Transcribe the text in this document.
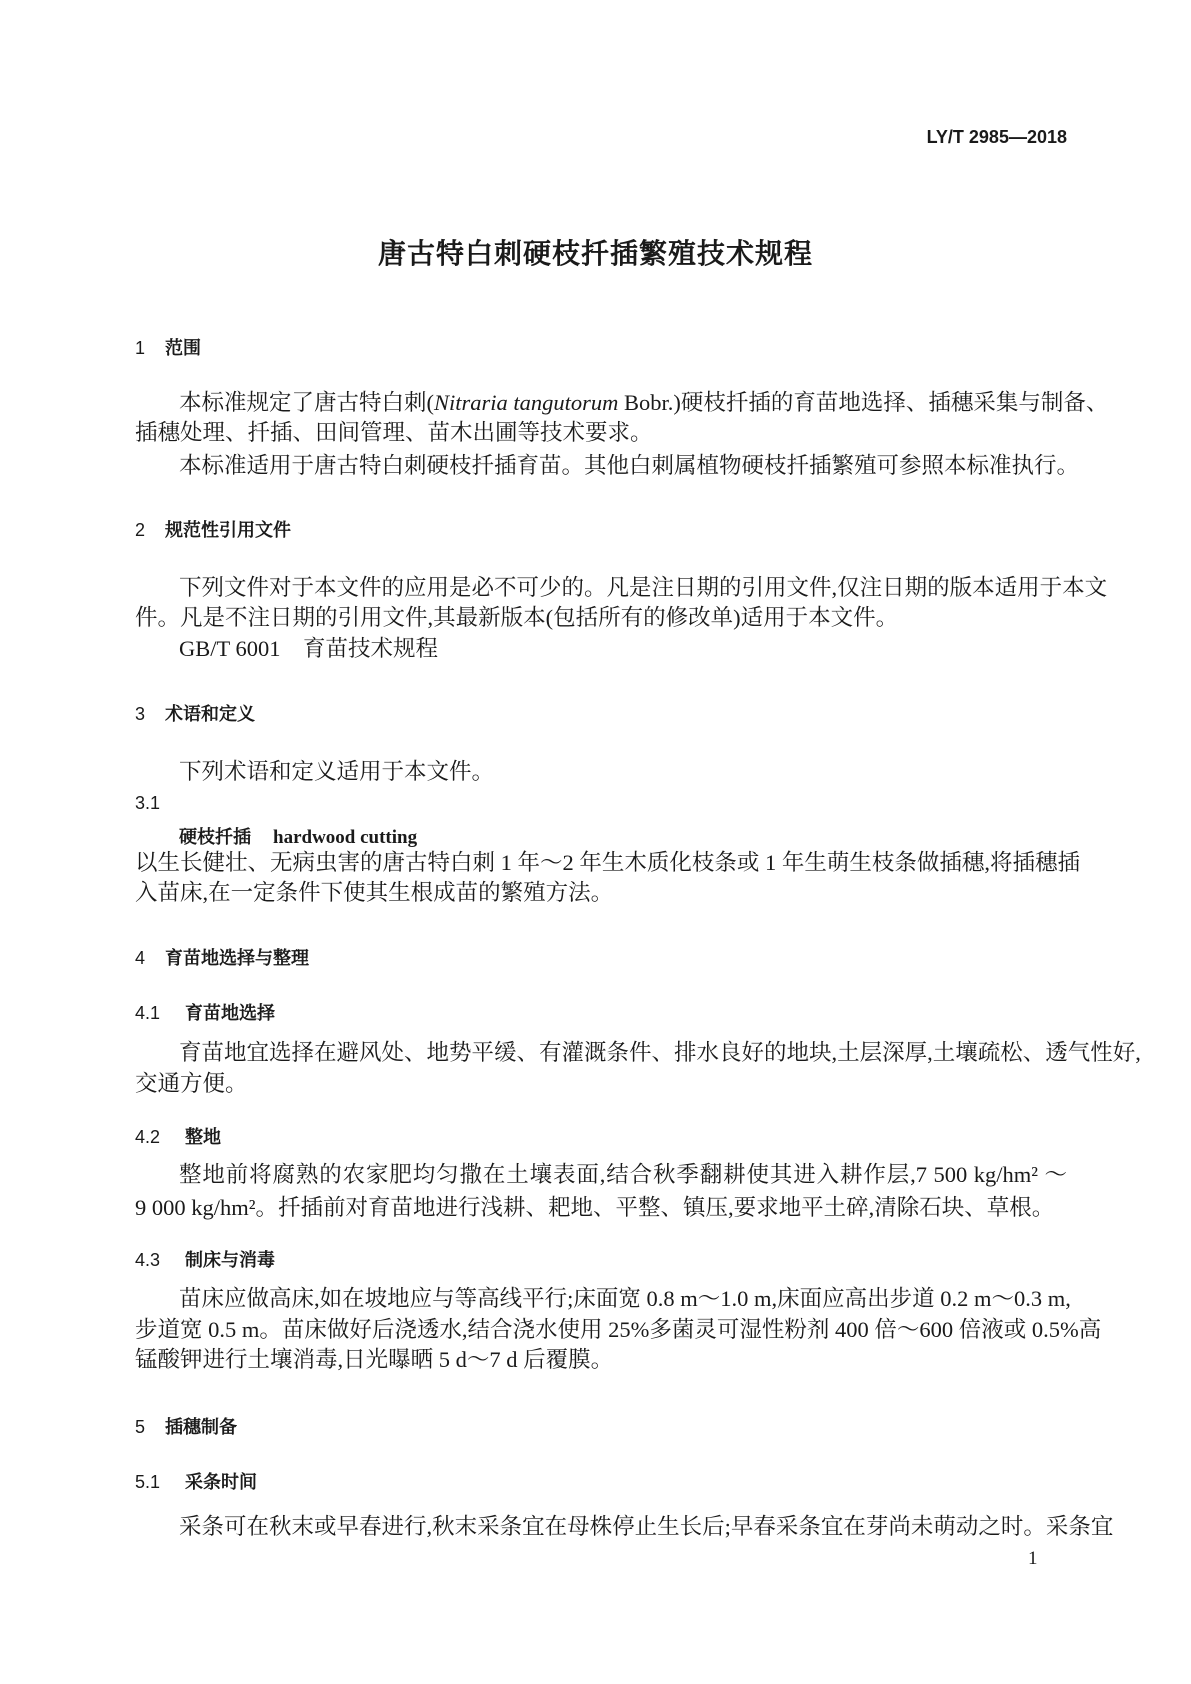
LY/T 2985—2018
唐古特白刺硬枝扦插繁殖技术规程
1 范围
本标准规定了唐古特白刺(Nitraria tangutorum Bobr.)硬枝扦插的育苗地选择、插穗采集与制备、
插穗处理、扦插、田间管理、苗木出圃等技术要求。
本标准适用于唐古特白刺硬枝扦插育苗。其他白刺属植物硬枝扦插繁殖可参照本标准执行。
2 规范性引用文件
下列文件对于本文件的应用是必不可少的。凡是注日期的引用文件,仅注日期的版本适用于本文
件。凡是不注日期的引用文件,其最新版本(包括所有的修改单)适用于本文件。
GB/T 6001　育苗技术规程
3 术语和定义
下列术语和定义适用于本文件。
3.1
硬枝扦插 hardwood cutting
以生长健壮、无病虫害的唐古特白刺 1 年～2 年生木质化枝条或 1 年生萌生枝条做插穗,将插穗插
入苗床,在一定条件下使其生根成苗的繁殖方法。
4 育苗地选择与整理
4.1 育苗地选择
育苗地宜选择在避风处、地势平缓、有灌溉条件、排水良好的地块,土层深厚,土壤疏松、透气性好,
交通方便。
4.2 整地
整地前将腐熟的农家肥均匀撒在土壤表面,结合秋季翻耕使其进入耕作层,7 500 kg/hm² ～
9 000 kg/hm²。扦插前对育苗地进行浅耕、耙地、平整、镇压,要求地平土碎,清除石块、草根。
4.3 制床与消毒
苗床应做高床,如在坡地应与等高线平行;床面宽 0.8 m～1.0 m,床面应高出步道 0.2 m～0.3 m,
步道宽 0.5 m。苗床做好后浇透水,结合浇水使用 25%多菌灵可湿性粉剂 400 倍～600 倍液或 0.5%高
锰酸钾进行土壤消毒,日光曝晒 5 d～7 d 后覆膜。
5 插穗制备
5.1 采条时间
采条可在秋末或早春进行,秋末采条宜在母株停止生长后;早春采条宜在芽尚未萌动之时。采条宜
1
